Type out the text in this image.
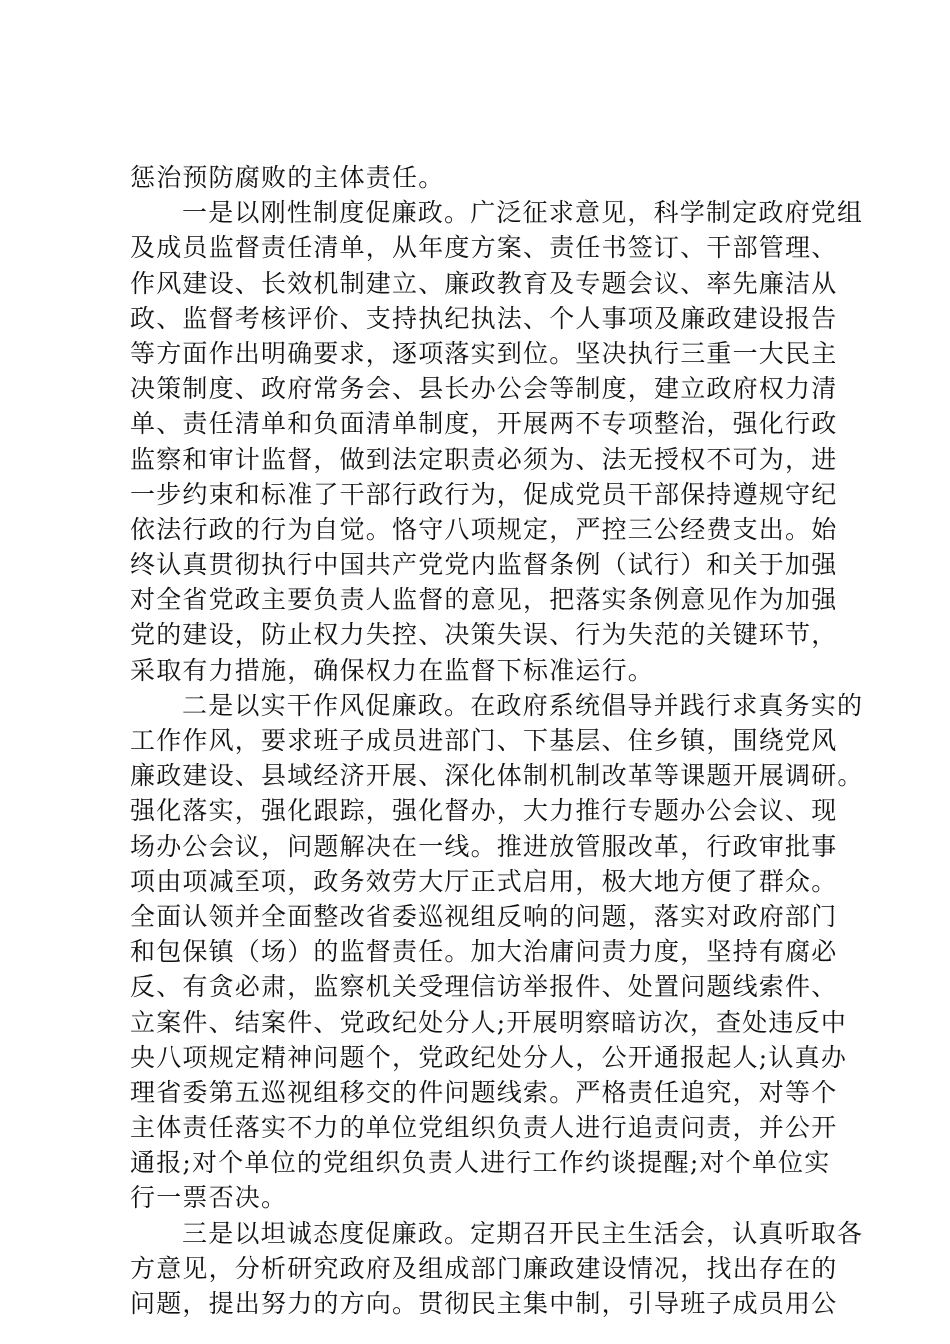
惩治预防腐败的主体责任。
一是以刚性制度促廉政。广泛征求意见，科学制定政府党组
及成员监督责任清单，从年度方案、责任书签订、干部管理、
作风建设、长效机制建立、廉政教育及专题会议、率先廉洁从
政、监督考核评价、支持执纪执法、个人事项及廉政建设报告
等方面作出明确要求，逐项落实到位。坚决执行三重一大民主
决策制度、政府常务会、县长办公会等制度，建立政府权力清
单、责任清单和负面清单制度，开展两不专项整治，强化行政
监察和审计监督，做到法定职责必须为、法无授权不可为，进
一步约束和标准了干部行政行为，促成党员干部保持遵规守纪
依法行政的行为自觉。恪守八项规定，严控三公经费支出。始
终认真贯彻执行中国共产党党内监督条例（试行）和关于加强
对全省党政主要负责人监督的意见，把落实条例意见作为加强
党的建设，防止权力失控、决策失误、行为失范的关键环节，
采取有力措施，确保权力在监督下标准运行。
二是以实干作风促廉政。在政府系统倡导并践行求真务实的
工作作风，要求班子成员进部门、下基层、住乡镇，围绕党风
廉政建设、县域经济开展、深化体制机制改革等课题开展调研。
强化落实，强化跟踪，强化督办，大力推行专题办公会议、现
场办公会议，问题解决在一线。推进放管服改革，行政审批事
项由项减至项，政务效劳大厅正式启用，极大地方便了群众。
全面认领并全面整改省委巡视组反响的问题，落实对政府部门
和包保镇（场）的监督责任。加大治庸问责力度，坚持有腐必
反、有贪必肃，监察机关受理信访举报件、处置问题线索件、
立案件、结案件、党政纪处分人;开展明察暗访次，查处违反中
央八项规定精神问题个，党政纪处分人，公开通报起人;认真办
理省委第五巡视组移交的件问题线索。严格责任追究，对等个
主体责任落实不力的单位党组织负责人进行追责问责，并公开
通报;对个单位的党组织负责人进行工作约谈提醒;对个单位实
行一票否决。
三是以坦诚态度促廉政。定期召开民主生活会，认真听取各
方意见，分析研究政府及组成部门廉政建设情况，找出存在的
问题，提出努力的方向。贯彻民主集中制，引导班子成员用公
